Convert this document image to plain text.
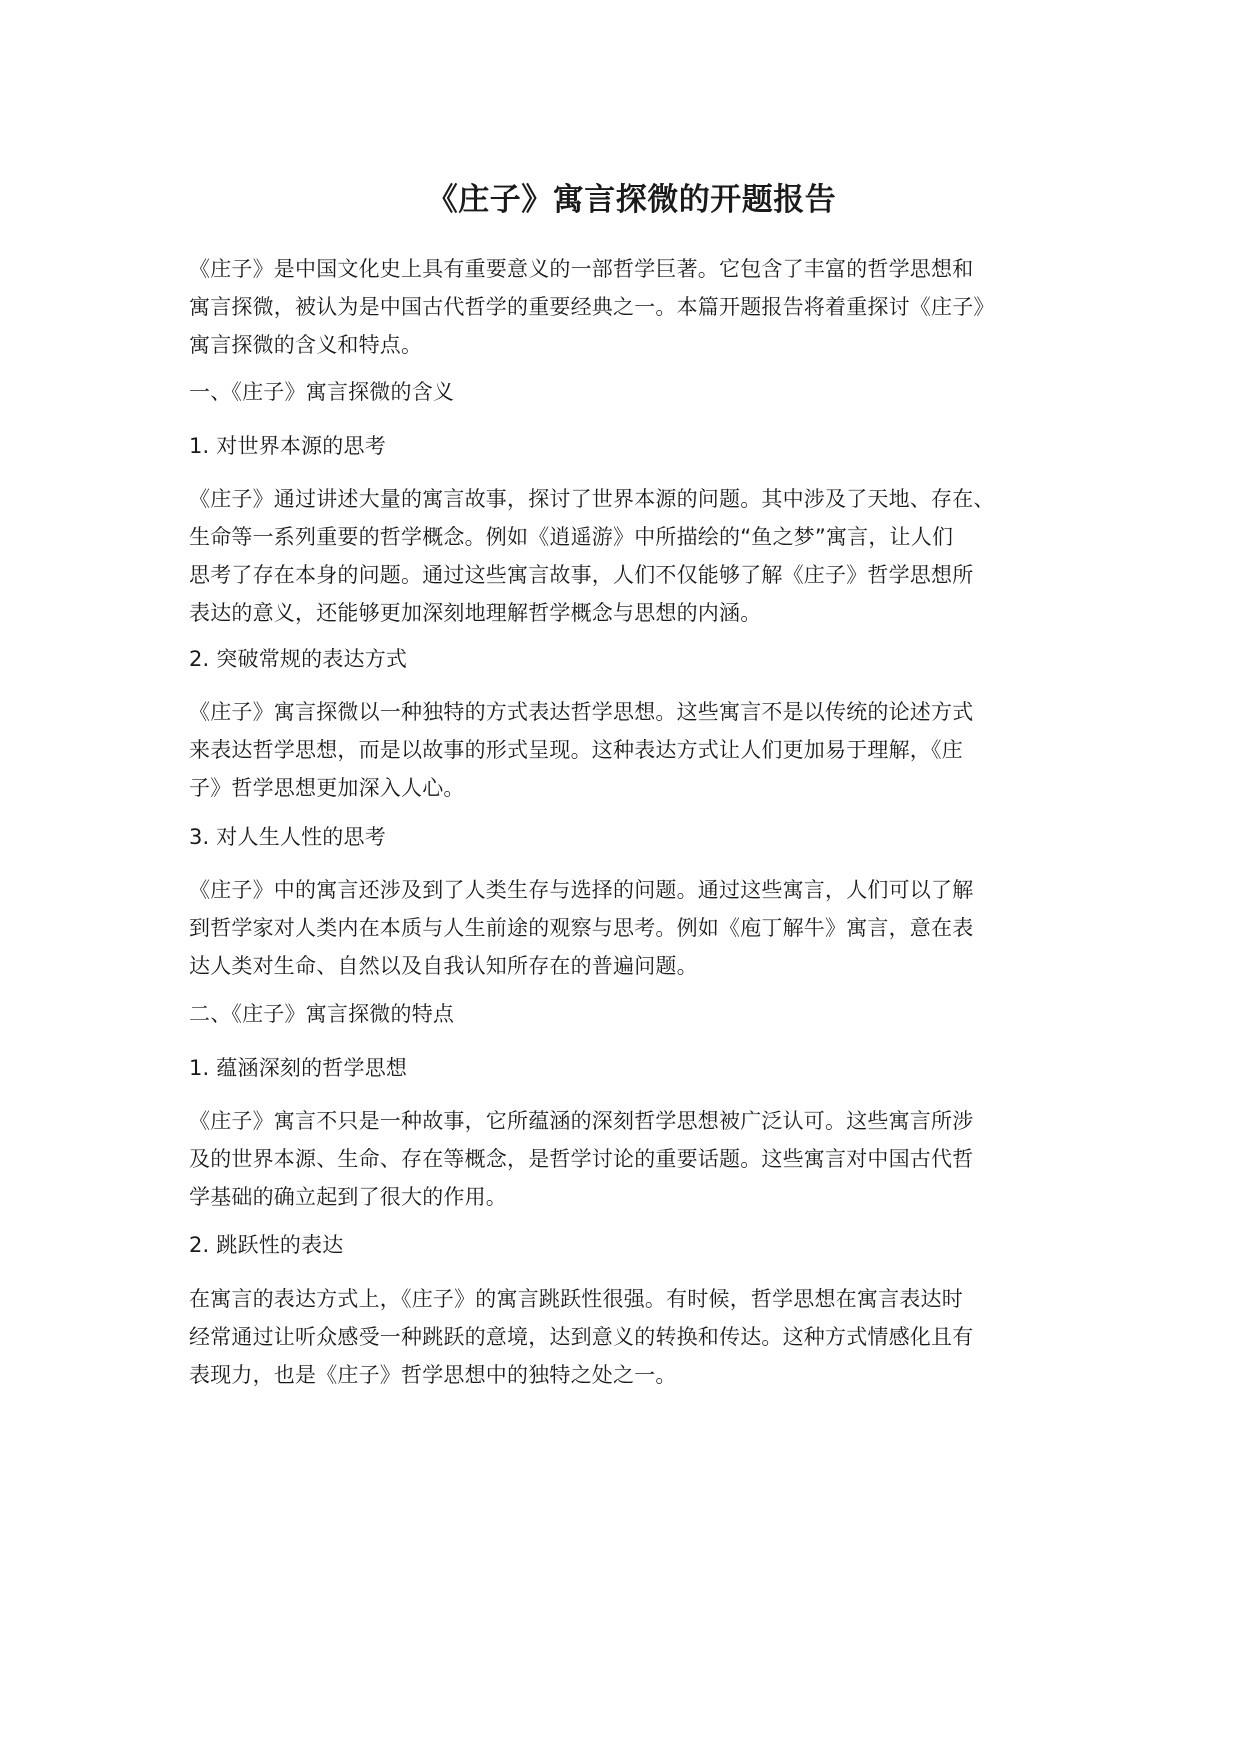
《庄子》寓言探微的开题报告

《庄子》是中国文化史上具有重要意义的一部哲学巨著。它包含了丰富的哲学思想和
寓言探微，被认为是中国古代哲学的重要经典之一。本篇开题报告将着重探讨《庄子》
寓言探微的含义和特点。

一、《庄子》寓言探微的含义

1. 对世界本源的思考

《庄子》通过讲述大量的寓言故事，探讨了世界本源的问题。其中涉及了天地、存在、
生命等一系列重要的哲学概念。例如《逍遥游》中所描绘的“鱼之梦”寓言，让人们
思考了存在本身的问题。通过这些寓言故事，人们不仅能够了解《庄子》哲学思想所
表达的意义，还能够更加深刻地理解哲学概念与思想的内涵。

2. 突破常规的表达方式

《庄子》寓言探微以一种独特的方式表达哲学思想。这些寓言不是以传统的论述方式
来表达哲学思想，而是以故事的形式呈现。这种表达方式让人们更加易于理解，《庄
子》哲学思想更加深入人心。

3. 对人生人性的思考

《庄子》中的寓言还涉及到了人类生存与选择的问题。通过这些寓言，人们可以了解
到哲学家对人类内在本质与人生前途的观察与思考。例如《庖丁解牛》寓言，意在表
达人类对生命、自然以及自我认知所存在的普遍问题。

二、《庄子》寓言探微的特点

1. 蕴涵深刻的哲学思想

《庄子》寓言不只是一种故事，它所蕴涵的深刻哲学思想被广泛认可。这些寓言所涉
及的世界本源、生命、存在等概念，是哲学讨论的重要话题。这些寓言对中国古代哲
学基础的确立起到了很大的作用。

2. 跳跃性的表达

在寓言的表达方式上，《庄子》的寓言跳跃性很强。有时候，哲学思想在寓言表达时
经常通过让听众感受一种跳跃的意境，达到意义的转换和传达。这种方式情感化且有
表现力，也是《庄子》哲学思想中的独特之处之一。
